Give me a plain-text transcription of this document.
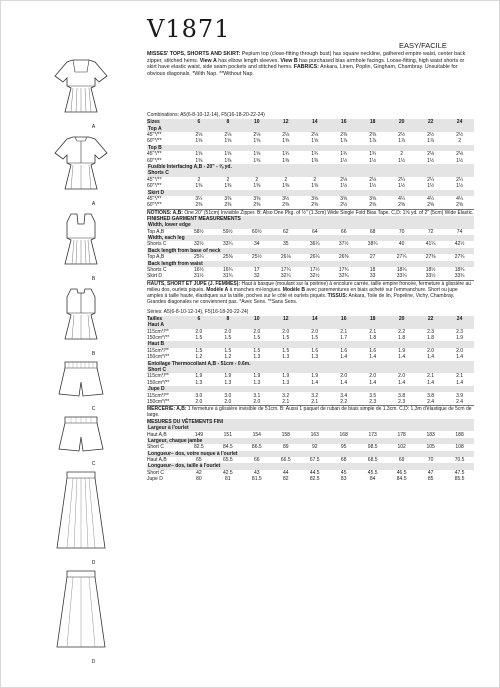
V1871
EASY/FACILE
A
A
B
B
C
C
D
D
MISSES' TOPS, SHORTS AND SKIRT: Peplum top (close-fitting through bust) has square neckline, gathered empire waist, center back zipper, stitched hems. View A has elbow length sleeves. View B has purchased bias armhole facings. Loose-fitting, high waist shorts or skirt have elastic waist, side seam pockets and stitched hems. FABRICS: Ankara, Linen, Poplin, Gingham, Chambray. Unsuitable for obvious diagonals. *With Nap. **Without Nap.
Combinations: A5(6-8-10-12-14), F5(16-18-20-22-24)
Sizes	6	8	10	12	14	16	18	20	22	24
Top A
45"*/**	2⅛	2⅛	2⅛	2⅛	2⅛	2⅜	2⅜	2½	2½	2½
60"*/**	1⅝	1⅝	1⅝	1⅝	1⅝	1⅞	1⅞	1⅞	1⅞	2
Top B
45"*/**	1⅝	1⅝	1⅝	1¾	1¾	1¾	1¾	2	2⅛	2⅛
60"*/**	1⅜	1⅜	1⅜	1⅜	1⅜	1½	1½	1½	1½	1½
Fusible Interfacing A,B - 20" - ⅝ yd.
Shorts C
45"*/**	2	2	2	2	2	2⅛	2⅛	2¼	2¼	2¼
60"*/**	1⅜	1⅜	1⅜	1⅜	1⅜	1½	1½	1½	1½	1½
Skirt D
45"*/**	3¼	3⅜	3⅜	3½	3⅝	3⅝	3⅝	4¼	4¼	4¼
60"*/**	2⅜	2⅜	2⅜	2⅜	2⅜	2½	2⅝	2⅝	2⅝	2⅝
NOTIONS: A,B: One 20" (51cm) Invisible Zipper. B: Also One Pkg. of ½" (1.3cm) Wide Single Fold Bias Tape. C,D: 1⅝ yd. of 2" (5cm) Wide Elastic.
FINISHED GARMENT MEASUREMENTS
Width, lower edge
Top A,B	58½	59½	60½	62	64	66	68	70	72	74
Width, each leg
Shorts C	32½	33¼	34	35	36¼	37½	38¾	40	41¼	42½
Back length from base of neck
Top A,B	25¼	25⅜	25½	26⅛	26¼	26⅜	27	27¼	27⅜	27¾
Back length from waist
Shorts C	16½	16¾	17	17¼	17½	17¾	18	18¼	18½	18¾
Skirt D	31½	31¾	32	32¼	32½	32¾	33	33¼	33½	33¾
HAUTS, SHORT ET JUPE (J. FEMMES): Haut à basque (moulant sur la poitrine) à encolure carrée, taille empire froncée, fermeture à glissière au milieu dos, ourlets piqués. Modèle A à manches mi-longues. Modèle B avec parementures en biais acheté sur l'emmanchure. Short ou jupe amples à taille haute, élastiques sur la taille, poches sur le côté et ourlets piqués. TISSUS: Ankara, Toile de lin, Popeline, Vichy, Chambray. Grandes diagonales ne conviennent pas. *Avec Sens. **Sans Sens.
Séries: A5(6-8-10-12-14), F5(16-18-20-22-24)
Tailles	6	8	10	12	14	16	18	20	22	24
Haut A
115cm*/**	2.0	2.0	2.0	2.0	2.0	2.1	2.1	2.2	2.3	2.3
150cm*/**	1.5	1.5	1.5	1.5	1.5	1.7	1.8	1.8	1.8	1.9
Haut B
115cm*/**	1.5	1.5	1.5	1.5	1.6	1.6	1.6	1.9	2.0	2.0
150cm*/**	1.2	1.2	1.3	1.3	1.3	1.4	1.4	1.4	1.4	1.4
Entoilage Thermocollant A,B - 51cm - 0.6m.
Short C
115cm*/**	1.9	1.9	1.9	1.9	1.9	2.0	2.0	2.0	2.1	2.1
150cm*/**	1.3	1.3	1.3	1.3	1.4	1.4	1.4	1.4	1.4	1.4
Jupe D
115cm*/**	3.0	3.0	3.1	3.2	3.2	3.4	3.5	3.8	3.8	3.9
150cm*/**	2.0	2.0	2.0	2.1	2.1	2.2	2.3	2.3	2.4	2.4
MERCERIE: A,B: 1 fermeture à glissière invisible de 51cm. B: Aussi 1 paquet de ruban de biais simple de 1.3cm. C,D: 1,3m d'élastique de 5cm de large.
MESURES DU VÊTEMENTS FINI
Largeur à l'ourlet
Haut A,B	149	151	154	158	163	168	173	178	183	188
Largeur, chaque jambe
Short C	82.5	84.5	86.5	89	92	95	98.5	102	105	108
Longueur– dos, votre nuque à l'ourlet
Haut A,B	65	65.5	66	66.5	67.5	68	68.5	69	70	70.5
Longueur– dos, taille à l'ourlet
Short C	42	42.5	43	44	44.5	45	45.5	46.5	47	47.5
Jupe D	80	81	81.5	82	82.5	83	84	84.5	85	85.5
